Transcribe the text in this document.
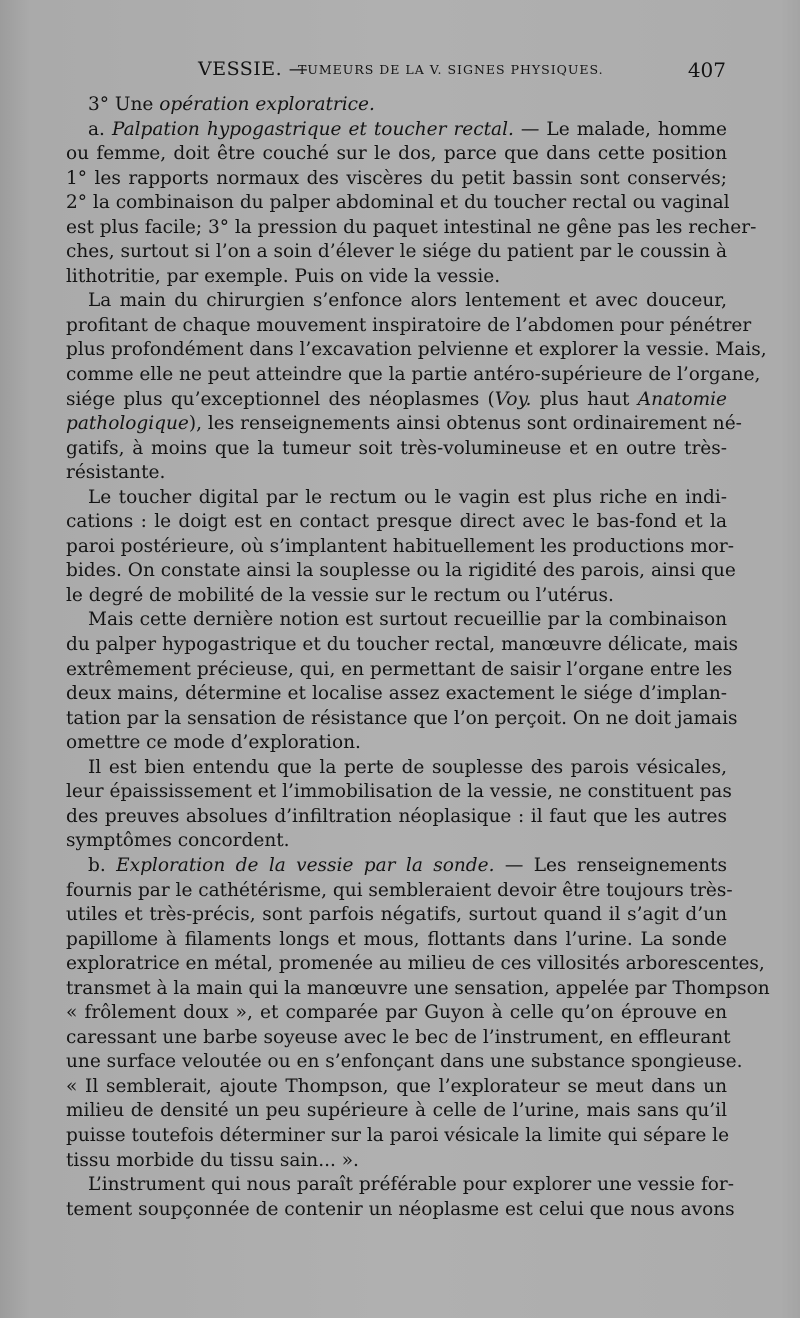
VESSIE. —
TUMEURS DE LA V. SIGNES PHYSIQUES.	407
3° Une opération exploratrice.
a. Palpation hypogastrique et toucher rectal. — Le malade, homme
ou femme, doit être couché sur le dos, parce que dans cette position
1° les rapports normaux des viscères du petit bassin sont conservés;
2° la combinaison du palper abdominal et du toucher rectal ou vaginal
est plus facile; 3° la pression du paquet intestinal ne gêne pas les recher-
ches, surtout si l’on a soin d’élever le siége du patient par le coussin à
lithotritie, par exemple. Puis on vide la vessie.
La main du chirurgien s’enfonce alors lentement et avec douceur,
profitant de chaque mouvement inspiratoire de l’abdomen pour pénétrer
plus profondément dans l’excavation pelvienne et explorer la vessie. Mais,
comme elle ne peut atteindre que la partie antéro-supérieure de l’organe,
siége plus qu’exceptionnel des néoplasmes (Voy. plus haut Anatomie
pathologique), les renseignements ainsi obtenus sont ordinairement né-
gatifs, à moins que la tumeur soit très-volumineuse et en outre très-
résistante.
Le toucher digital par le rectum ou le vagin est plus riche en indi-
cations : le doigt est en contact presque direct avec le bas-fond et la
paroi postérieure, où s’implantent habituellement les productions mor-
bides. On constate ainsi la souplesse ou la rigidité des parois, ainsi que
le degré de mobilité de la vessie sur le rectum ou l’utérus.
Mais cette dernière notion est surtout recueillie par la combinaison
du palper hypogastrique et du toucher rectal, manœuvre délicate, mais
extrêmement précieuse, qui, en permettant de saisir l’organe entre les
deux mains, détermine et localise assez exactement le siége d’implan-
tation par la sensation de résistance que l’on perçoit. On ne doit jamais
omettre ce mode d’exploration.
Il est bien entendu que la perte de souplesse des parois vésicales,
leur épaississement et l’immobilisation de la vessie, ne constituent pas
des preuves absolues d’infiltration néoplasique : il faut que les autres
symptômes concordent.
b. Exploration de la vessie par la sonde. — Les renseignements
fournis par le cathétérisme, qui sembleraient devoir être toujours très-
utiles et très-précis, sont parfois négatifs, surtout quand il s’agit d’un
papillome à filaments longs et mous, flottants dans l’urine. La sonde
exploratrice en métal, promenée au milieu de ces villosités arborescentes,
transmet à la main qui la manœuvre une sensation, appelée par Thompson
« frôlement doux », et comparée par Guyon à celle qu’on éprouve en
caressant une barbe soyeuse avec le bec de l’instrument, en effleurant
une surface veloutée ou en s’enfonçant dans une substance spongieuse.
« Il semblerait, ajoute Thompson, que l’explorateur se meut dans un
milieu de densité un peu supérieure à celle de l’urine, mais sans qu’il
puisse toutefois déterminer sur la paroi vésicale la limite qui sépare le
tissu morbide du tissu sain... ».
L’instrument qui nous paraît préférable pour explorer une vessie for-
tement soupçonnée de contenir un néoplasme est celui que nous avons
